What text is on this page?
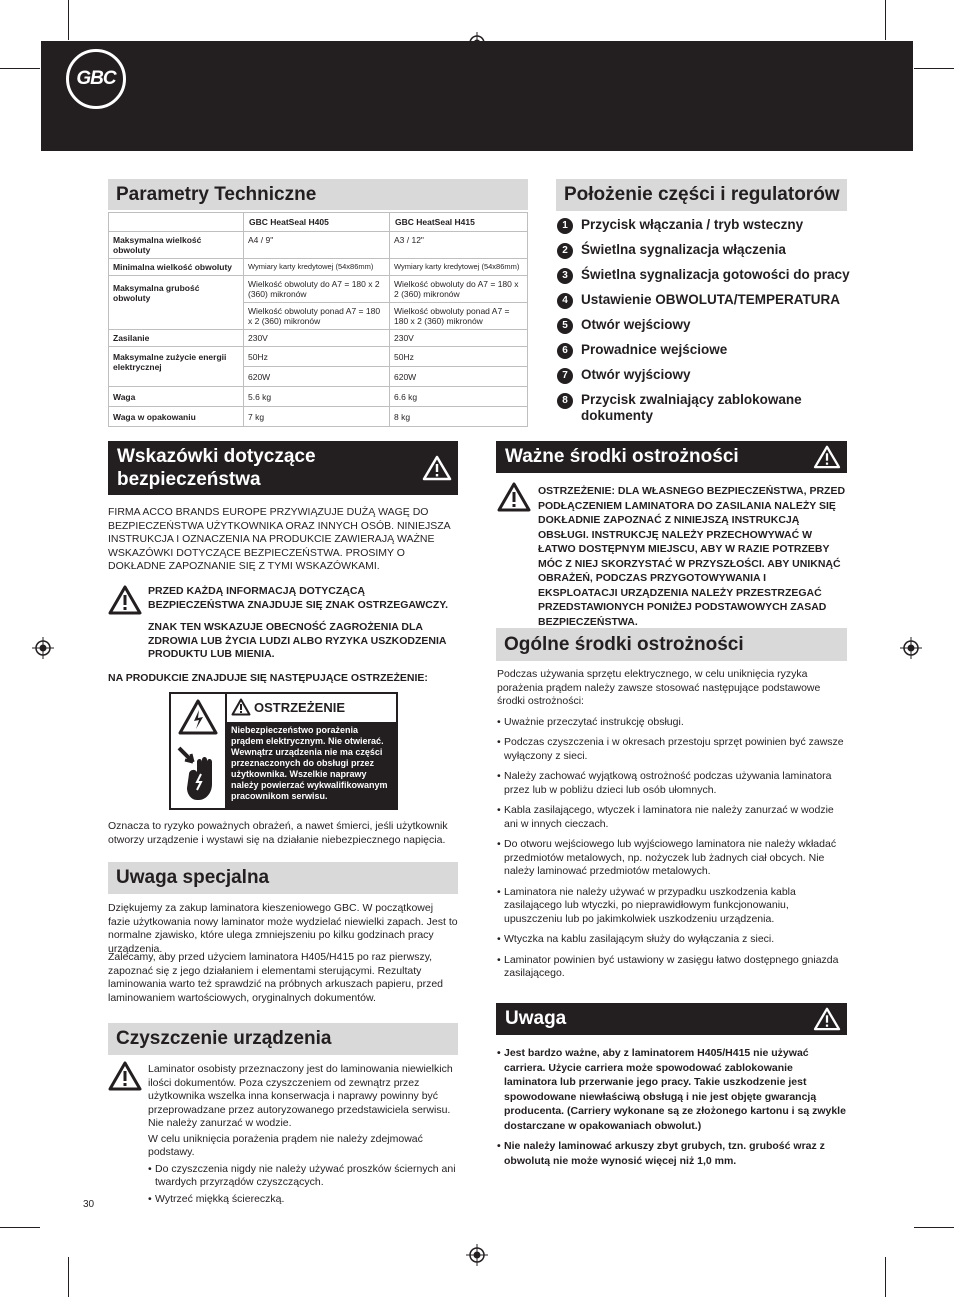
GBC
Parametry Techniczne
	GBC HeatSeal H405	GBC HeatSeal H415
Maksymalna wielkość obwoluty	A4 / 9"	A3 / 12"
Minimalna wielkość obwoluty	Wymiary karty kredytowej (54x86mm)	Wymiary karty kredytowej (54x86mm)
Maksymalna grubość obwoluty	Wielkość obwoluty do A7 = 180 x 2 (360) mikronów	Wielkość obwoluty do A7 = 180 x 2 (360) mikronów
	Wielkość obwoluty ponad A7 = 180 x 2 (360) mikronów	Wielkość obwoluty ponad A7 = 180 x 2 (360) mikronów
Zasilanie	230V	230V
Maksymalne zużycie energii elektrycznej	50Hz	50Hz
	620W	620W
Waga	5.6 kg	6.6 kg
Waga w opakowaniu	7 kg	8 kg
Położenie części i regulatorów
1 Przycisk włączania / tryb wsteczny
2 Świetlna sygnalizacja włączenia
3 Świetlna sygnalizacja gotowości do pracy
4 Ustawienie OBWOLUTA/TEMPERATURA
5 Otwór wejściowy
6 Prowadnice wejściowe
7 Otwór wyjściowy
8 Przycisk zwalniający zablokowane dokumenty
Wskazówki dotyczące bezpieczeństwa
FIRMA ACCO BRANDS EUROPE PRZYWIĄZUJE DUŻĄ WAGĘ DO BEZPIECZEŃSTWA UŻYTKOWNIKA ORAZ INNYCH OSÓB. NINIEJSZA INSTRUKCJA I OZNACZENIA NA PRODUKCIE ZAWIERAJĄ WAŻNE WSKAZÓWKI DOTYCZĄCE BEZPIECZEŃSTWA. PROSIMY O DOKŁADNE ZAPOZNANIE SIĘ Z TYMI WSKAZÓWKAMI.
PRZED KAŻDĄ INFORMACJĄ DOTYCZĄCĄ BEZPIECZEŃSTWA ZNAJDUJE SIĘ ZNAK OSTRZEGAWCZY.
ZNAK TEN WSKAZUJE OBECNOŚĆ ZAGROŻENIA DLA ZDROWIA LUB ŻYCIA LUDZI ALBO RYZYKA USZKODZENIA PRODUKTU LUB MIENIA.
NA PRODUKCIE ZNAJDUJE SIĘ NASTĘPUJĄCE OSTRZEŻENIE:
OSTRZEŻENIE
Niebezpieczeństwo porażenia prądem elektrycznym. Nie otwierać. Wewnątrz urządzenia nie ma części przeznaczonych do obsługi przez użytkownika. Wszelkie naprawy należy powierzać wykwalifikowanym pracownikom serwisu.
Oznacza to ryzyko poważnych obrażeń, a nawet śmierci, jeśli użytkownik otworzy urządzenie i wystawi się na działanie niebezpiecznego napięcia.
Uwaga specjalna
Dziękujemy za zakup laminatora kieszeniowego GBC. W początkowej fazie użytkowania nowy laminator może wydzielać niewielki zapach. Jest to normalne zjawisko, które ulega zmniejszeniu po kilku godzinach pracy urządzenia.
Zalecamy, aby przed użyciem laminatora H405/H415 po raz pierwszy, zapoznać się z jego działaniem i elementami sterującymi. Rezultaty laminowania warto też sprawdzić na próbnych arkuszach papieru, przed laminowaniem wartościowych, oryginalnych dokumentów.
Czyszczenie urządzenia

Laminator osobisty przeznaczony jest do laminowania niewielkich ilości dokumentów. Poza czyszczeniem od zewnątrz przez użytkownika wszelka inna konserwacja i naprawy powinny być przeprowadzane przez autoryzowanego przedstawiciela serwisu. Nie należy zanurzać w wodzie.

W celu uniknięcia porażenia prądem nie należy zdejmować podstawy.

• Do czyszczenia nigdy nie należy używać proszków ściernych ani twardych przyrządów czyszczących.
• Wytrzeć miękką ściereczką.
Ważne środki ostrożności
OSTRZEŻENIE: DLA WŁASNEGO BEZPIECZEŃSTWA, PRZED PODŁĄCZENIEM LAMINATORA DO ZASILANIA NALEŻY SIĘ DOKŁADNIE ZAPOZNAĆ Z NINIEJSZĄ INSTRUKCJĄ OBSŁUGI. INSTRUKCJĘ NALEŻY PRZECHOWYWAĆ W ŁATWO DOSTĘPNYM MIEJSCU, ABY W RAZIE POTRZEBY MÓC Z NIEJ SKORZYSTAĆ W PRZYSZŁOŚCI. ABY UNIKNĄĆ OBRAŻEŃ, PODCZAS PRZYGOTOWYWANIA I EKSPLOATACJI URZĄDZENIA NALEŻY PRZESTRZEGAĆ PRZEDSTAWIONYCH PONIŻEJ PODSTAWOWYCH ZASAD BEZPIECZEŃSTWA.
Ogólne środki ostrożności

Podczas używania sprzętu elektrycznego, w celu uniknięcia ryzyka porażenia prądem należy zawsze stosować następujące podstawowe środki ostrożności:

• Uważnie przeczytać instrukcję obsługi.
• Podczas czyszczenia i w okresach przestoju sprzęt powinien być zawsze wyłączony z sieci.
• Należy zachować wyjątkową ostrożność podczas używania laminatora przez lub w pobliżu dzieci lub osób ułomnych.
• Kabla zasilającego, wtyczek i laminatora nie należy zanurzać w wodzie ani w innych cieczach.
• Do otworu wejściowego lub wyjściowego laminatora nie należy wkładać przedmiotów metalowych, np. nożyczek lub żadnych ciał obcych. Nie należy laminować przedmiotów metalowych.
• Laminatora nie należy używać w przypadku uszkodzenia kabla zasilającego lub wtyczki, po nieprawidłowym funkcjonowaniu, upuszczeniu lub po jakimkolwiek uszkodzeniu urządzenia.
• Wtyczka na kablu zasilającym służy do wyłączania z sieci.
• Laminator powinien być ustawiony w zasięgu łatwo dostępnego gniazda zasilającego.
Uwaga
• Jest bardzo ważne, aby z laminatorem H405/H415 nie używać carriera. Użycie carriera może spowodować zablokowanie laminatora lub przerwanie jego pracy. Takie uszkodzenie jest spowodowane niewłaściwą obsługą i nie jest objęte gwarancją producenta. (Carriery wykonane są ze złożonego kartonu i są zwykle dostarczane w opakowaniach obwolut.)
• Nie należy laminować arkuszy zbyt grubych, tzn. grubość wraz z obwolutą nie może wynosić więcej niż 1,0 mm.
30
